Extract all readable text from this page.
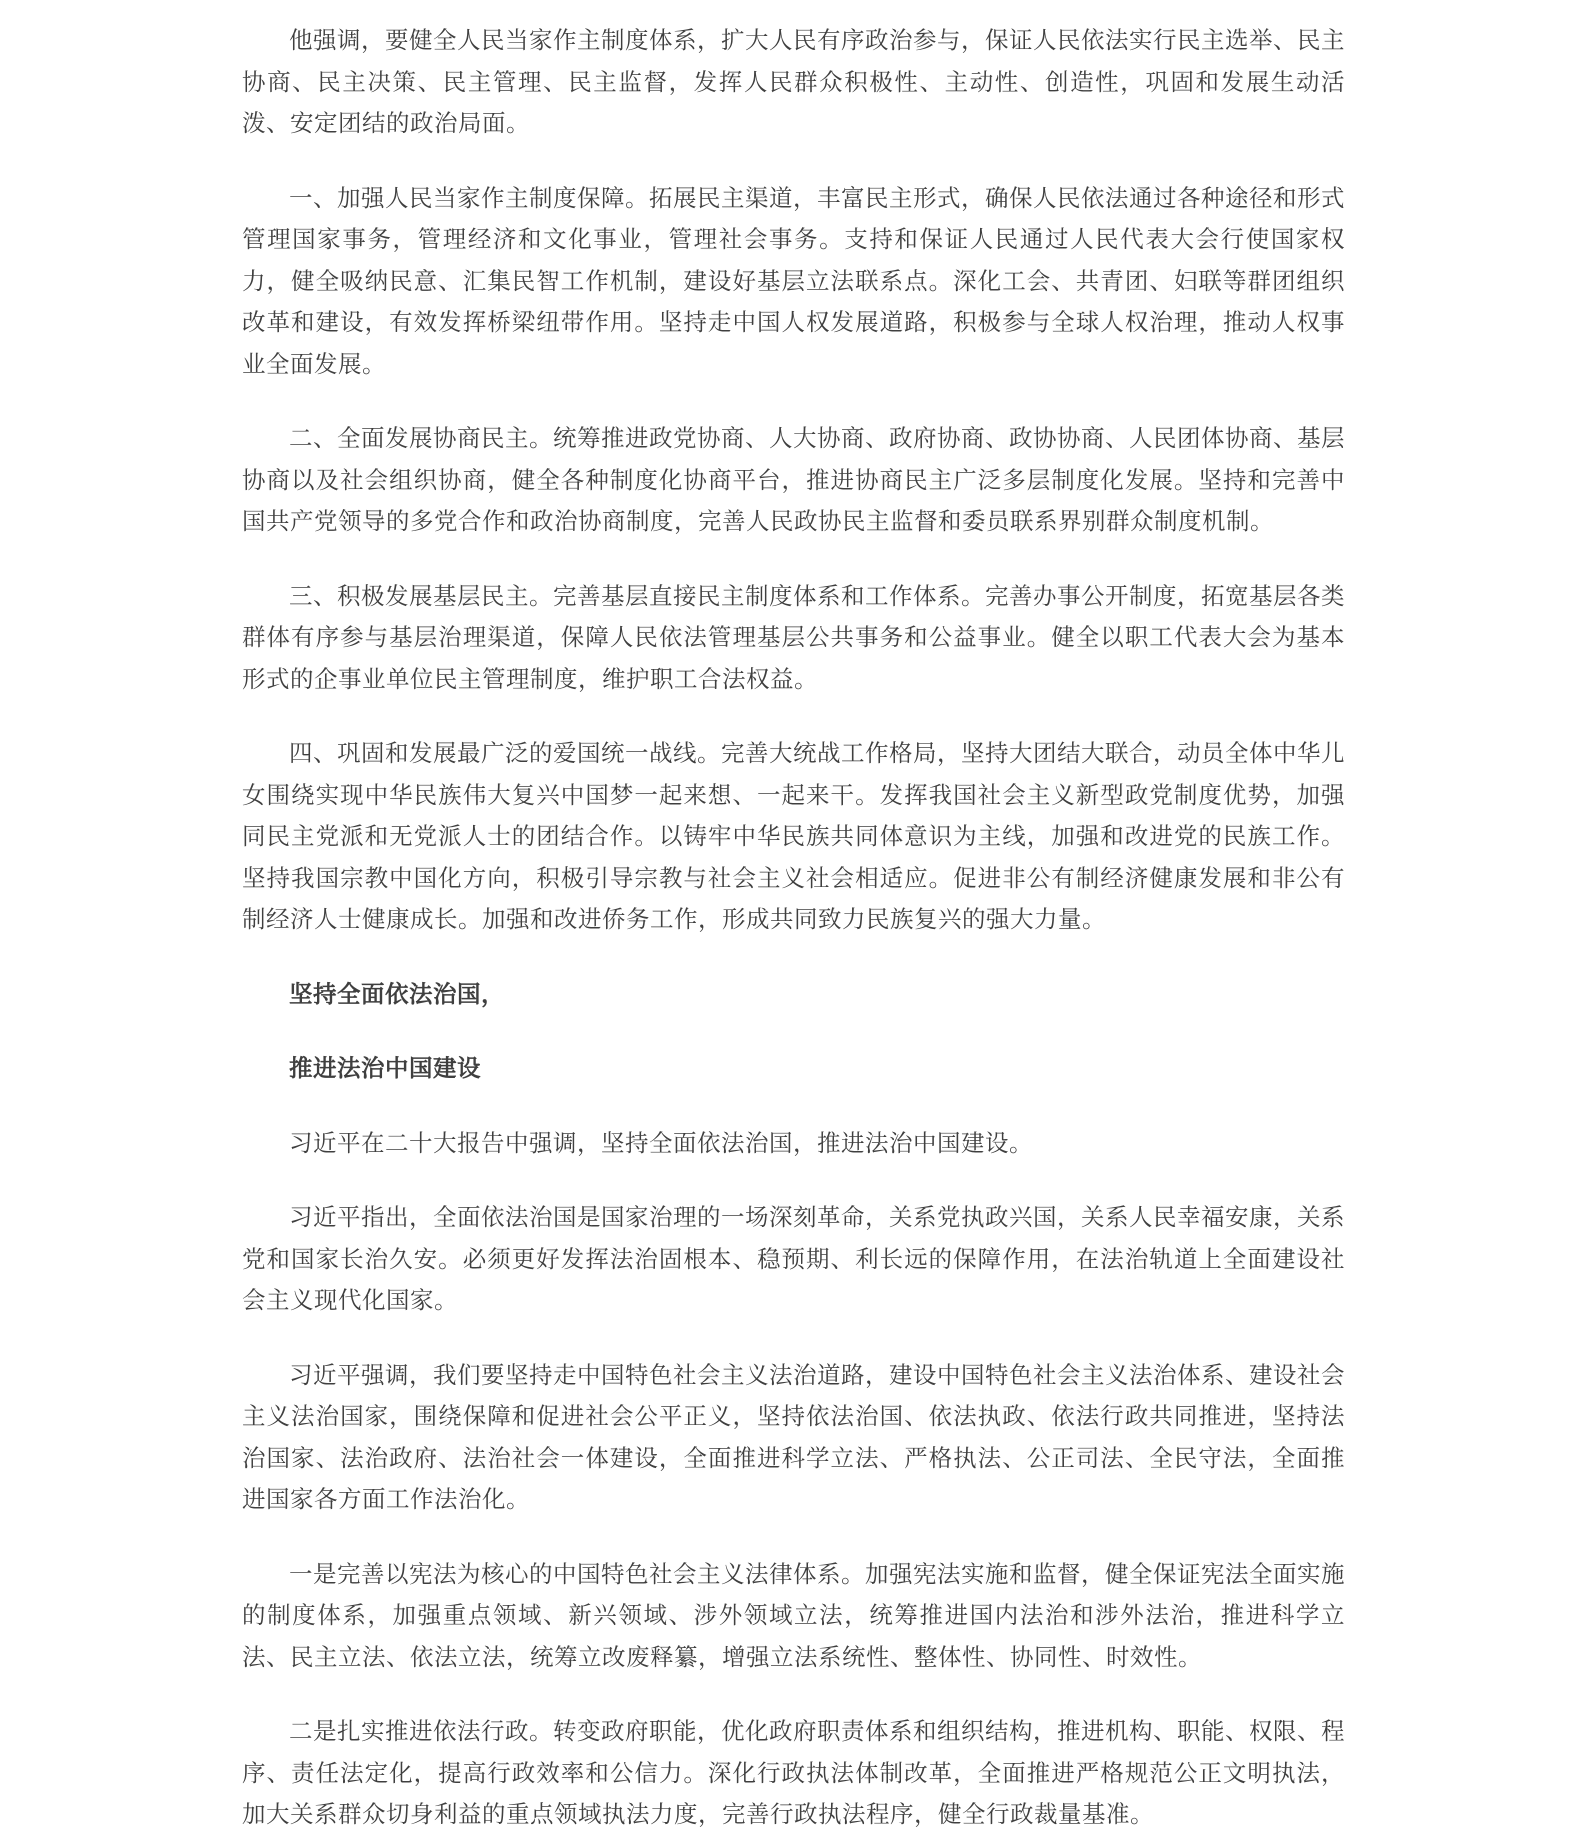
他强调，要健全人民当家作主制度体系，扩大人民有序政治参与，保证人民依法实行民主选举、民主协商、民主决策、民主管理、民主监督，发挥人民群众积极性、主动性、创造性，巩固和发展生动活泼、安定团结的政治局面。

一、加强人民当家作主制度保障。拓展民主渠道，丰富民主形式，确保人民依法通过各种途径和形式管理国家事务，管理经济和文化事业，管理社会事务。支持和保证人民通过人民代表大会行使国家权力，健全吸纳民意、汇集民智工作机制，建设好基层立法联系点。深化工会、共青团、妇联等群团组织改革和建设，有效发挥桥梁纽带作用。坚持走中国人权发展道路，积极参与全球人权治理，推动人权事业全面发展。

二、全面发展协商民主。统筹推进政党协商、人大协商、政府协商、政协协商、人民团体协商、基层协商以及社会组织协商，健全各种制度化协商平台，推进协商民主广泛多层制度化发展。坚持和完善中国共产党领导的多党合作和政治协商制度，完善人民政协民主监督和委员联系界别群众制度机制。

三、积极发展基层民主。完善基层直接民主制度体系和工作体系。完善办事公开制度，拓宽基层各类群体有序参与基层治理渠道，保障人民依法管理基层公共事务和公益事业。健全以职工代表大会为基本形式的企事业单位民主管理制度，维护职工合法权益。

四、巩固和发展最广泛的爱国统一战线。完善大统战工作格局，坚持大团结大联合，动员全体中华儿女围绕实现中华民族伟大复兴中国梦一起来想、一起来干。发挥我国社会主义新型政党制度优势，加强同民主党派和无党派人士的团结合作。以铸牢中华民族共同体意识为主线，加强和改进党的民族工作。坚持我国宗教中国化方向，积极引导宗教与社会主义社会相适应。促进非公有制经济健康发展和非公有制经济人士健康成长。加强和改进侨务工作，形成共同致力民族复兴的强大力量。

坚持全面依法治国，

推进法治中国建设

习近平在二十大报告中强调，坚持全面依法治国，推进法治中国建设。

习近平指出，全面依法治国是国家治理的一场深刻革命，关系党执政兴国，关系人民幸福安康，关系党和国家长治久安。必须更好发挥法治固根本、稳预期、利长远的保障作用，在法治轨道上全面建设社会主义现代化国家。

习近平强调，我们要坚持走中国特色社会主义法治道路，建设中国特色社会主义法治体系、建设社会主义法治国家，围绕保障和促进社会公平正义，坚持依法治国、依法执政、依法行政共同推进，坚持法治国家、法治政府、法治社会一体建设，全面推进科学立法、严格执法、公正司法、全民守法，全面推进国家各方面工作法治化。

一是完善以宪法为核心的中国特色社会主义法律体系。加强宪法实施和监督，健全保证宪法全面实施的制度体系，加强重点领域、新兴领域、涉外领域立法，统筹推进国内法治和涉外法治，推进科学立法、民主立法、依法立法，统筹立改废释纂，增强立法系统性、整体性、协同性、时效性。

二是扎实推进依法行政。转变政府职能，优化政府职责体系和组织结构，推进机构、职能、权限、程序、责任法定化，提高行政效率和公信力。深化行政执法体制改革，全面推进严格规范公正文明执法，加大关系群众切身利益的重点领域执法力度，完善行政执法程序，健全行政裁量基准。
